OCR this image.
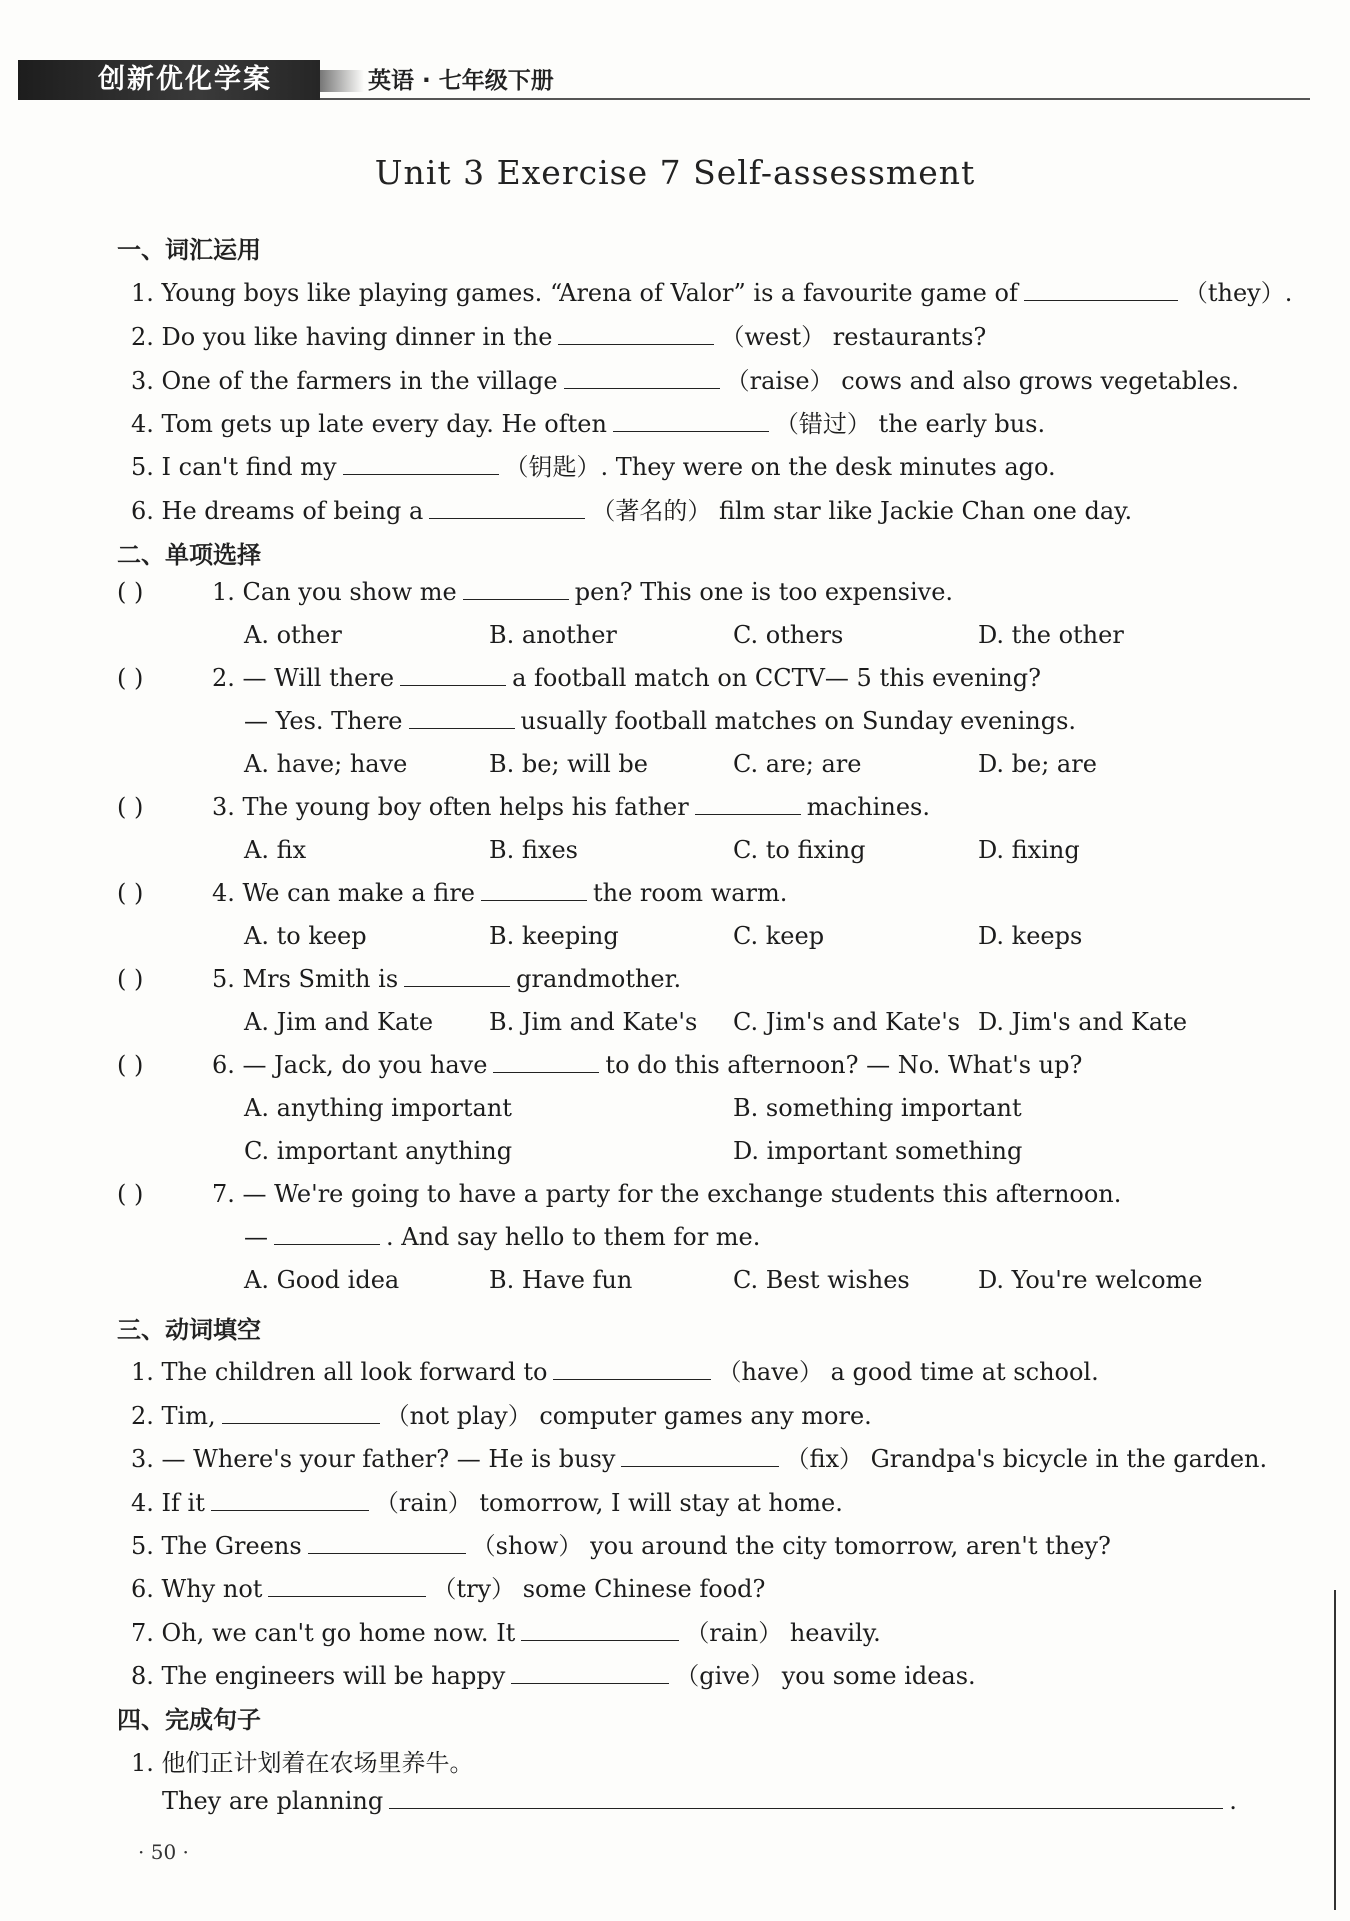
创新优化学案	英语 · 七年级下册
Unit 3 Exercise 7 Self-assessment
一、词汇运用
1. Young boys like playing games. “Arena of Valor” is a favourite game of	（they）.
2. Do you like having dinner in the	（west） restaurants?
3. One of the farmers in the village	（raise） cows and also grows vegetables.
4. Tom gets up late every day. He often	（错过） the early bus.
5. I can't find my	（钥匙）. They were on the desk minutes ago.
6. He dreams of being a	（著名的） film star like Jackie Chan one day.
二、单项选择
( )	1. Can you show me	pen? This one is too expensive.
A. other	B. another	C. others	D. the other
( )	2. — Will there	a football match on CCTV— 5 this evening?
— Yes. There	usually football matches on Sunday evenings.
A. have; have	B. be; will be	C. are; are	D. be; are
( )	3. The young boy often helps his father	machines.
A. fix	B. fixes	C. to fixing	D. fixing
( )	4. We can make a fire	the room warm.
A. to keep	B. keeping	C. keep	D. keeps
( )	5. Mrs Smith is	grandmother.
A. Jim and Kate B. Jim and Kate's C. Jim's and Kate's D. Jim's and Kate
( )	6. — Jack, do you have	to do this afternoon? — No. What's up?
A. anything important	B. something important
C. important anything	D. important something
( )	7. — We're going to have a party for the exchange students this afternoon.
—	. And say hello to them for me.
A. Good idea	B. Have fun	C. Best wishes	D. You're welcome
三、动词填空
1. The children all look forward to	（have） a good time at school.
2. Tim,	（not play） computer games any more.
3. — Where's your father? — He is busy	（fix） Grandpa's bicycle in the garden.
4. If it	（rain） tomorrow, I will stay at home.
5. The Greens	（show） you around the city tomorrow, aren't they?
6. Why not	（try） some Chinese food?
7. Oh, we can't go home now. It	（rain） heavily.
8. The engineers will be happy	（give） you some ideas.
四、完成句子
1. 他们正计划着在农场里养牛。
They are planning	.
· 50 ·
